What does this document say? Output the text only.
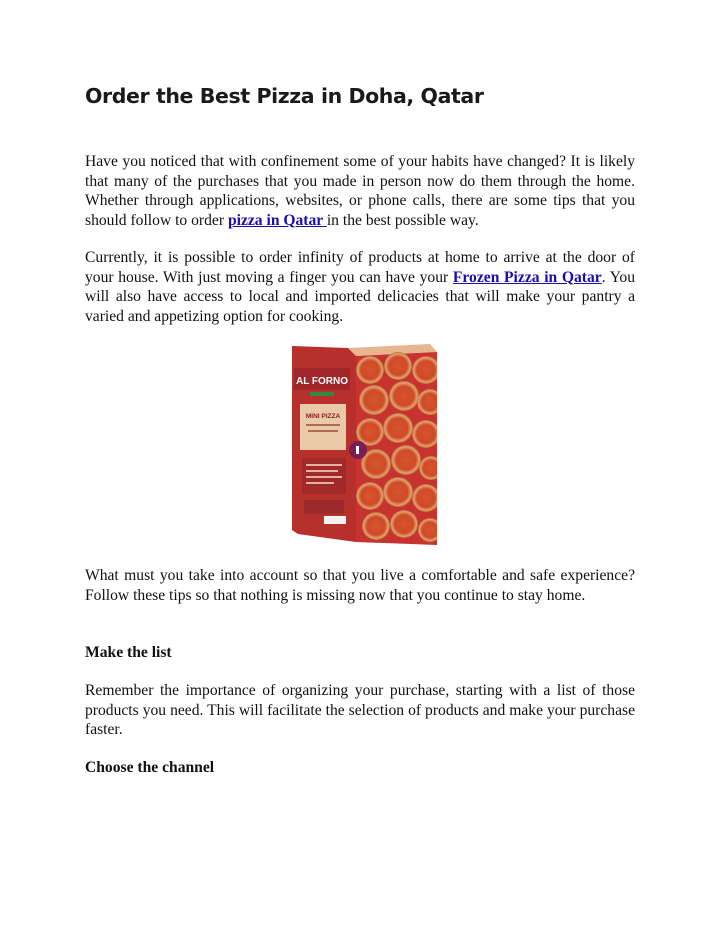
Order the Best Pizza in Doha, Qatar

Have you noticed that with confinement some of your habits have changed? It is likely that many of the purchases that you made in person now do them through the home. Whether through applications, websites, or phone calls, there are some tips that you should follow to order pizza in Qatar in the best possible way.

Currently, it is possible to order infinity of products at home to arrive at the door of your house. With just moving a finger you can have your Frozen Pizza in Qatar. You will also have access to local and imported delicacies that will make your pantry a varied and appetizing option for cooking.

AL FORNO
MINI PIZZA

What must you take into account so that you live a comfortable and safe experience? Follow these tips so that nothing is missing now that you continue to stay home.

Make the list

Remember the importance of organizing your purchase, starting with a list of those products you need. This will facilitate the selection of products and make your purchase faster.

Choose the channel
